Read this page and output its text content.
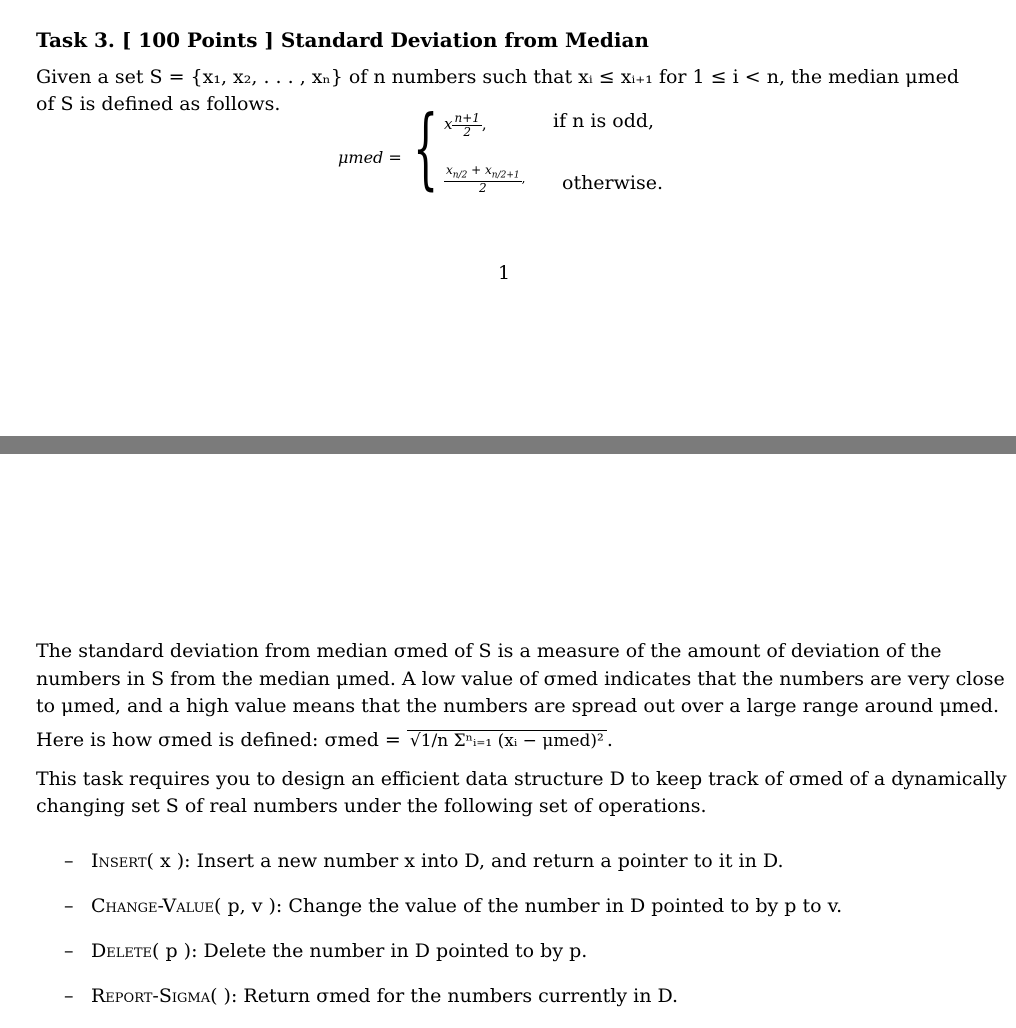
Task 3. [ 100 Points ] Standard Deviation from Median
Given a set S = {x₁, x₂, . . . , xₙ} of n numbers such that xᵢ ≤ xᵢ₊₁ for 1 ≤ i < n, the median μmed
of S is defined as follows.
μmed = { x $\frac{n+1}{2}$ ,	if n is odd,
$\frac{x_{n/2} + x_{n/2+1}}{2}$ , otherwise.
1
The standard deviation from median σmed of S is a measure of the amount of deviation of the
numbers in S from the median μmed. A low value of σmed indicates that the numbers are very close
to μmed, and a high value means that the numbers are spread out over a large range around μmed.
Here is how σmed is defined: σmed = √1/n Σⁿᵢ₌₁ (xᵢ − μmed)² .
This task requires you to design an efficient data structure D to keep track of σmed of a dynamically
changing set S of real numbers under the following set of operations.
– Insert( x ): Insert a new number x into D, and return a pointer to it in D.
– Change-Value( p, v ): Change the value of the number in D pointed to by p to v.
– Delete( p ): Delete the number in D pointed to by p.
– Report-Sigma( ): Return σmed for the numbers currently in D.
